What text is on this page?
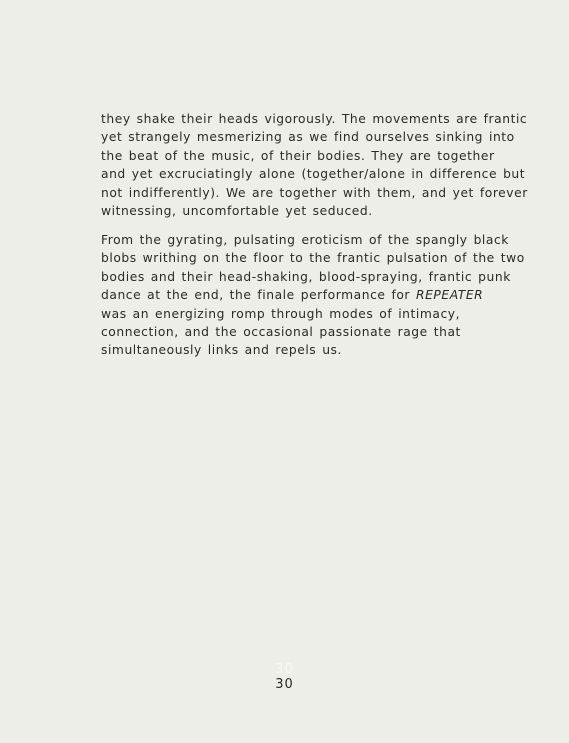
they shake their heads vigorously. The movements are frantic
yet strangely mesmerizing as we find ourselves sinking into
the beat of the music, of their bodies. They are together
and yet excruciatingly alone (together/alone in difference but
not indifferently). We are together with them, and yet forever
witnessing, uncomfortable yet seduced.
From the gyrating, pulsating eroticism of the spangly black
blobs writhing on the floor to the frantic pulsation of the two
bodies and their head-shaking, blood-spraying, frantic punk
dance at the end, the finale performance for REPEATER
was an energizing romp through modes of intimacy,
connection, and the occasional passionate rage that
simultaneously links and repels us.
30
30
